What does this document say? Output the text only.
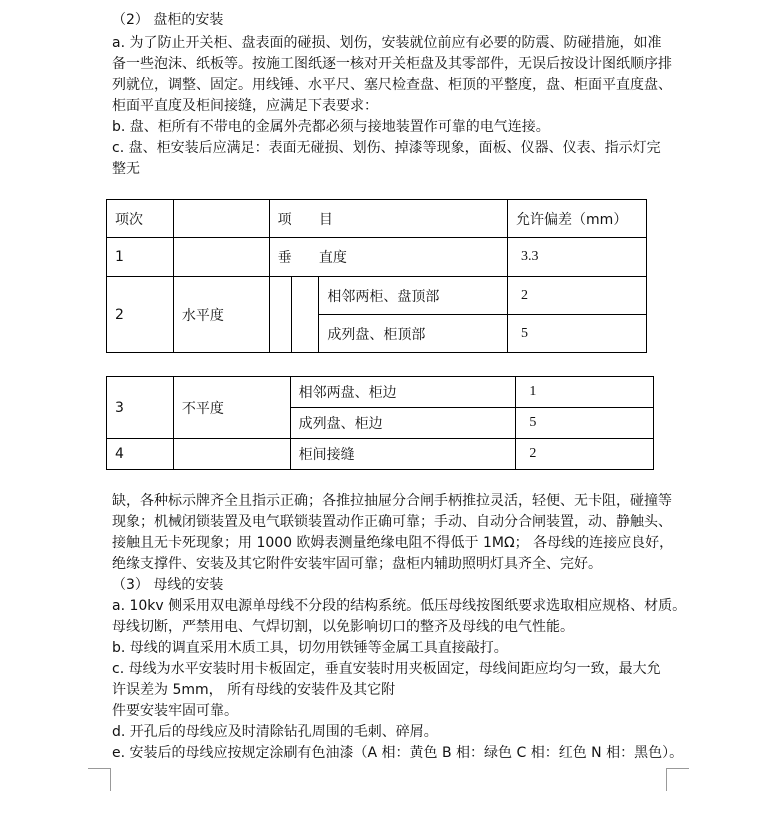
（2） 盘柜的安装
a. 为了防止开关柜、盘表面的碰损、划伤，安装就位前应有必要的防震、防碰措施，如准
备一些泡沫、纸板等。按施工图纸逐一核对开关柜盘及其零部件，无误后按设计图纸顺序排
列就位，调整、固定。用线锤、水平尺、塞尺检查盘、柜顶的平整度，盘、柜面平直度盘、
柜面平直度及柜间接缝，应满足下表要求：
b. 盘、柜所有不带电的金属外壳都必须与接地装置作可靠的电气连接。
c. 盘、柜安装后应满足：表面无碰损、划伤、掉漆等现象，面板、仪器、仪表、指示灯完
整无
项次		项		目	允许偏差（mm）
1		垂		直度	3.3
2	水平度			相邻两柜、盘顶部	2
				成列盘、柜顶部	5
3	不平度	相邻两盘、柜边	1
		成列盘、柜边	5
4		柜间接缝	2
缺，各种标示牌齐全且指示正确；各推拉抽屉分合闸手柄推拉灵活，轻便、无卡阻，碰撞等
现象；机械闭锁装置及电气联锁装置动作正确可靠；手动、自动分合闸装置，动、静触头、
接触且无卡死现象；用 1000 欧姆表测量绝缘电阻不得低于 1MΩ； 各母线的连接应良好，
绝缘支撑件、安装及其它附件安装牢固可靠；盘柜内辅助照明灯具齐全、完好。
（3） 母线的安装
a. 10kv 侧采用双电源单母线不分段的结构系统。低压母线按图纸要求选取相应规格、材质。
母线切断，严禁用电、气焊切割，以免影响切口的整齐及母线的电气性能。
b. 母线的调直采用木质工具，切勿用铁锤等金属工具直接敲打。
c. 母线为水平安装时用卡板固定，垂直安装时用夹板固定，母线间距应均匀一致，最大允
许误差为 5mm， 所有母线的安装件及其它附
件要安装牢固可靠。
d. 开孔后的母线应及时清除钻孔周围的毛刺、碎屑。
e. 安装后的母线应按规定涂刷有色油漆（A 相：黄色 B 相：绿色 C 相：红色 N 相：黑色）。
